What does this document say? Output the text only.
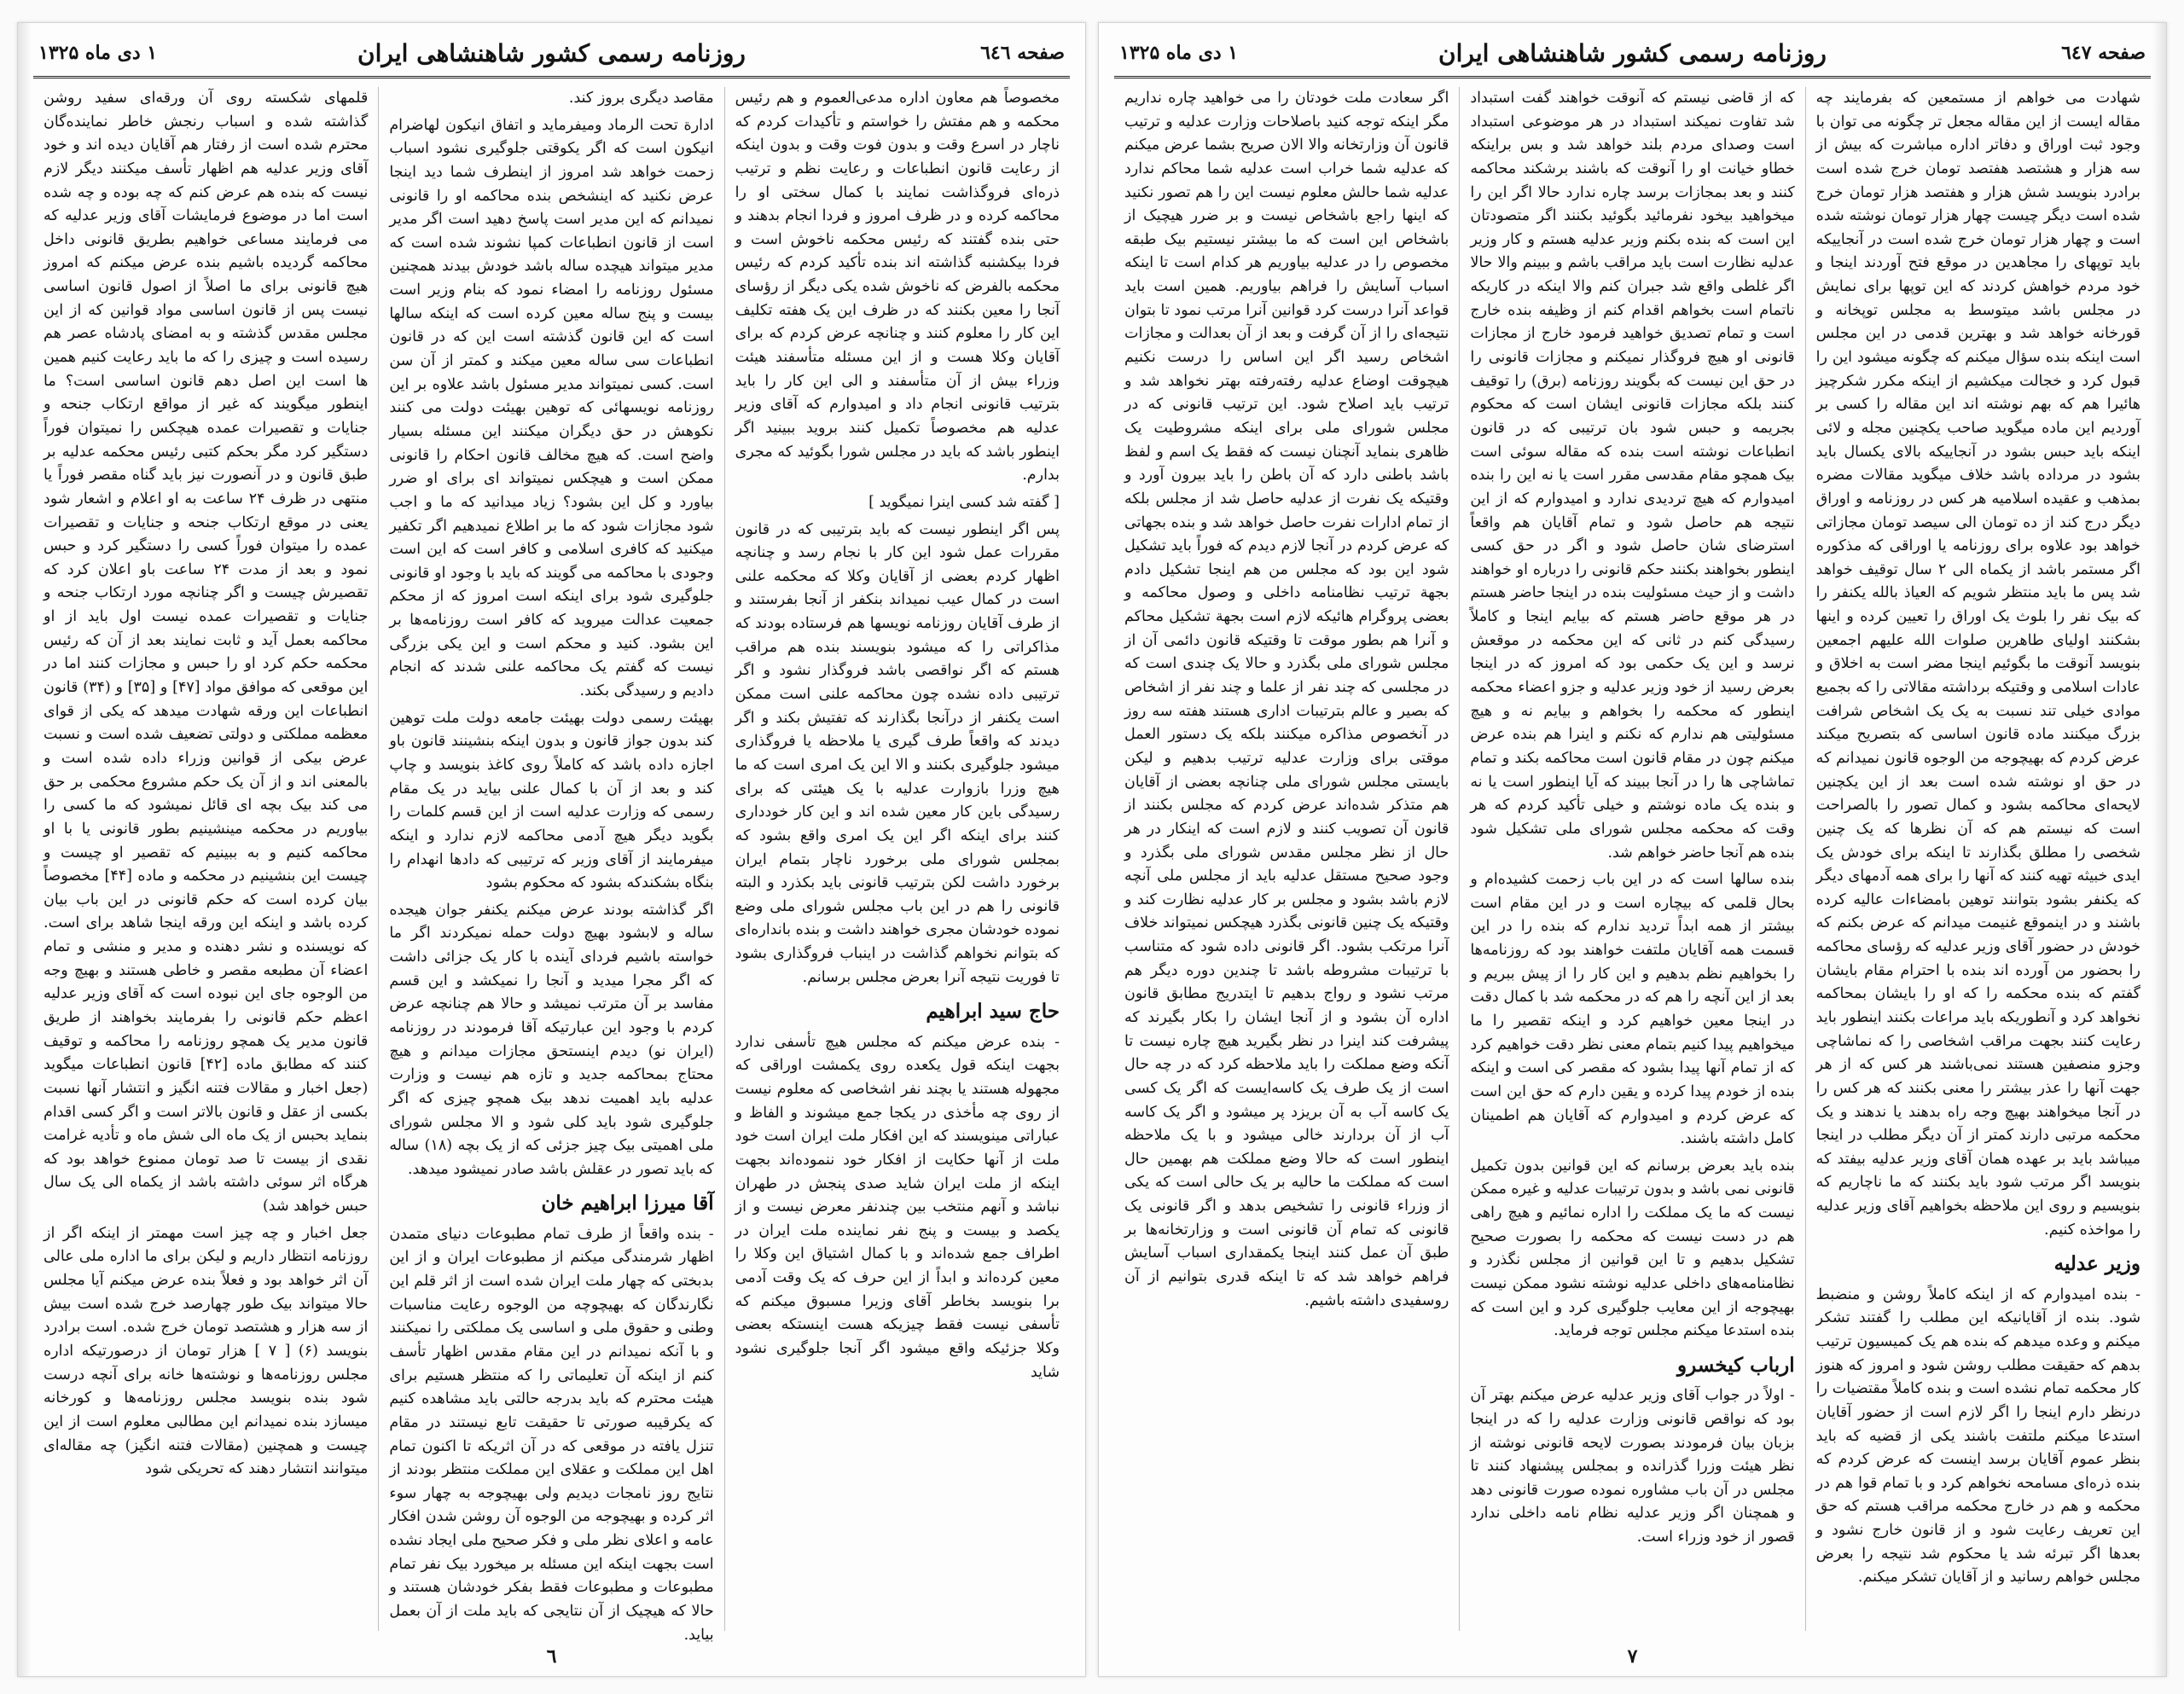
صفحه ٦٤٦
روزنامه رسمی کشور شاهنشاهی ایران
۱ دی ماه ۱۳۲۵

مخصوصاً هم معاون اداره مدعی‌العموم و هم رئیس محکمه و هم مفتش را خواستم و تأکیدات کردم که ناچار در اسرع وقت و بدون فوت وقت و بدون اینکه از رعایت قانون انطباعات و رعایت نظم و ترتیب ذره‌ای فروگذاشت نمایند با کمال سختی او را محاکمه کرده و در ظرف امروز و فردا انجام بدهند و حتی بنده گفتند که رئیس محکمه ناخوش است و فردا بیکشنبه گذاشته اند بنده تأکید کردم که رئیس محکمه بالفرض که ناخوش شده یکی دیگر از رؤسای آنجا را معین بکنند که در ظرف این یک هفته تکلیف این کار را معلوم کنند و چنانچه عرض کردم که برای آقایان وکلا هست و از این مسئله متأسفند هیئت وزراء بیش از آن متأسفند و الی این کار را باید بترتیب قانونی انجام داد و امیدوارم که آقای وزیر عدلیه هم مخصوصاً تکمیل کنند بروید ببینید اگر اینطور باشد که باید در مجلس شورا بگوئید که مجری بدارم.

[ گفته شد کسی اینرا نمیگوید ]

پس اگر اینطور نیست که باید بترتیبی که در قانون مقررات عمل شود این کار با نجام رسد و چنانچه اظهار کردم بعضی از آقایان وکلا که محکمه علنی است در کمال عیب نمیداند بنکفر از آنجا بفرستند و از طرف آقایان روزنامه نویسها هم فرستاده بودند که مذاکراتی را که میشود بنویسند بنده هم مراقب هستم که اگر نواقصی باشد فروگذار نشود و اگر ترتیبی داده نشده چون محاکمه علنی است ممکن است یکنفر از درآنجا بگذارند که تفتیش بکند و اگر دیدند که واقعاً طرف گیری یا ملاحظه یا فروگذاری میشود جلوگیری بکنند و الا این یک امری است که ما هیچ وزرا بازوارت عدلیه با یک هیئتی که برای رسیدگی باین کار معین شده اند و این کار خودداری کنند برای اینکه اگر این یک امری واقع بشود که بمجلس شورای ملی برخورد ناچار بتمام ایران برخورد داشت لکن بترتیب قانونی باید بکذرد و البته قانونی را هم در این باب مجلس شورای ملی وضع نموده خودشان مجری خواهند داشت و بنده بانداره‌ای که بتوانم نخواهم گذاشت در اینباب فروگذاری بشود تا فوریت نتیجه آنرا بعرض مجلس برسانم.

حاج سید ابراهیم

- بنده عرض میکنم که مجلس هیچ تأسفی ندارد بجهت اینکه قول یکعده روی یکمشت اوراقی که مجهوله هستند یا بچند نفر اشخاصی که معلوم نیست از روی چه مأخذی در یکجا جمع میشوند و الفاظ و عباراتی مینویسند که این افکار ملت ایران است خود ملت از آنها حکایت از افکار خود ننموده‌اند بجهت اینکه از ملت ایران شاید صدی پنجش در طهران نباشد و آنهم منتخب بین چندنفر معرض نیست و از یکصد و بیست و پنج نفر نماینده ملت ایران در اطراف جمع شده‌اند و با کمال اشتیاق این وکلا را معین کرده‌اند و ابداً از این حرف که یک وقت آدمی برا بنویسد بخاطر آقای وزیرا مسبوق میکنم که تأسفی نیست فقط چیزیکه هست اینستکه بعضی وکلا جزئیکه واقع میشود اگر آنجا جلوگیری نشود شاید

مقاصد دیگری بروز کند.

ادارة تحت الرماد ومیفرماید و اتفاق انیکون لهاضرام انیکون است که اگر یکوقتی جلوگیری نشود اسباب زحمت خواهد شد امروز از اینطرف شما دید اینجا عرض نکنید که اینشخص بنده محاکمه او را قانونی نمیدانم که این مدیر است پاسخ دهید است اگر مدیر است از قانون انطباعات کمپا نشوند شده است که مدیر میتواند هیچده ساله باشد خودش بیدند همچنین مسئول روزنامه را امضاء نمود که بنام وزیر است بیست و پنج ساله معین کرده است که اینکه سالها است که این قانون گذشته است این که در قانون انطباعات سی ساله معین میکند و کمتر از آن سن است. کسی نمیتواند مدیر مسئول باشد علاوه بر این روزنامه نویسهائی که توهین بهیئت دولت می کنند نکوهش در حق دیگران میکنند این مسئله بسیار واضح است. که هیچ مخالف قانون احکام را قانونی ممکن است و هیچکس نمیتواند ای برای او ضرر بیاورد و کل این بشود؟ زیاد میدانید که ما و اجب شود مجازات شود که ما بر اطلاع نمیدهیم اگر تکفیر میکنید که کافری اسلامی و کافر است که این است وجودی با محاکمه می گویند که باید با وجود او قانونی جلوگیری شود برای اینکه است امروز که از محکم جمعیت عدالت میروید که کافر است روزنامه‌ها بر این بشود. کنید و محکم است و این یکی بزرگی نیست که گفتم یک محاکمه علنی شدند که انجام دادیم و رسیدگی بکند.

بهیئت رسمی دولت بهیئت جامعه دولت ملت توهین کند بدون جواز قانون و بدون اینکه بنشینند قانون باو اجازه داده باشد که کاملاً روی کاغذ بنویسد و چاپ کند و بعد از آن با کمال علنی بیاید در یک مقام رسمی که وزارت عدلیه است از این قسم کلمات را بگوید دیگر هیچ آدمی محاکمه لازم ندارد و اینکه میفرمایند از آقای وزیر که ترتیبی که دادها انهدام را بنگاه بشکندکه بشود که محکوم بشود

اگر گذاشته بودند عرض میکنم یکنفر جوان هیجده ساله و لابشود بهیچ دولت حمله نمیکردند اگر ما خواسته باشیم فردای آینده با کار یک جزائی داشت که اگر مجرا میدید و آنجا را نمیکشد و این قسم مفاسد بر آن مترتب نمیشد و حالا هم چنانچه عرض کردم با وجود این عبارتیکه آقا فرمودند در روزنامه (ایران نو) دیدم اینستحق مجازات میدانم و هیچ محتاج بمحاکمه جدید و تازه هم نیست و وزارت عدلیه باید اهمیت ندهد بیک همچو چیزی که اگر جلوگیری شود باید کلی شود و الا مجلس شورای ملی اهمیتی بیک چیز جزئی که از یک بچه (۱۸) ساله که باید تصور در عقلش باشد صادر نمیشود میدهد.

آقا میرزا ابراهیم خان

- بنده واقعاً از طرف تمام مطبوعات دنیای متمدن اظهار شرمندگی میکنم از مطبوعات ایران و از این بدبختی که چهار ملت ایران شده است از اثر قلم این نگارندگان که بهیچوچه من الوجوه رعایت مناسبات وطنی و حقوق ملی و اساسی یک مملکتی را نمیکنند و با آنکه نمیدانم در این مقام مقدس اظهار تأسف کنم از اینکه آن تعلیماتی را که منتظر هستیم برای هیئت محترم که باید بدرجه حالتی باید مشاهده کنیم که یکرقیبه صورتی تا حقیقت تابع نیستند در مقام تنزل یافته در موقعی که در آن اثریکه تا اکنون تمام اهل این مملکت و عقلای این مملکت منتظر بودند از نتایج روز نامجات دیدیم ولی بهیچوجه به چهار سوء اثر کرده و بهیچوجه من الوجوه آن روشن شدن افکار عامه و اعلای نظر ملی و فکر صحیح ملی ایجاد نشده است بجهت اینکه این مسئله بر میخورد بیک نفر تمام مطبوعات و مطبوعات فقط بفکر خودشان هستند و حالا که هیچیک از آن نتایجی که باید ملت از آن بعمل بیاید.

قلمهای شکسته روی آن ورقه‌ای سفید روشن گذاشته شده و اسباب رنجش خاطر نماینده‌گان محترم شده است از رفتار هم آقایان دیده اند و خود آقای وزیر عدلیه هم اظهار تأسف میکنند دیگر لازم نیست که بنده هم عرض کنم که چه بوده و چه شده است اما در موضوع فرمایشات آقای وزیر عدلیه که می فرمایند مساعی خواهیم بطریق قانونی داخل محاکمه گردیده باشیم بنده عرض میکنم که امروز هیچ قانونی برای ما اصلاً از اصول قانون اساسی نیست پس از قانون اساسی مواد قوانین که از این مجلس مقدس گذشته و به امضای پادشاه عصر هم رسیده است و چیزی را که ما باید رعایت کنیم همین ها است این اصل دهم قانون اساسی است؟ ما اینطور میگویند که غیر از مواقع ارتکاب جنحه و جنایات و تقصیرات عمده هیچکس را نمیتوان فوراً دستگیر کرد مگر بحکم کتبی رئیس محکمه عدلیه بر طبق قانون و در آنصورت نیز باید گناه مقصر فوراً یا منتهی در ظرف ۲۴ ساعت به او اعلام و اشعار شود یعنی در موقع ارتکاب جنحه و جنایات و تقصیرات عمده را میتوان فوراً کسی را دستگیر کرد و حبس نمود و بعد از مدت ۲۴ ساعت باو اعلان کرد که تقصیرش چیست و اگر چنانچه مورد ارتکاب جنحه و جنایات و تقصیرات عمده نیست اول باید از او محاکمه بعمل آید و ثابت نمایند بعد از آن که رئیس محکمه حکم کرد او را حبس و مجازات کنند اما در این موقعی که موافق مواد [۴۷] و [۳۵] و (۳۴) قانون انطباعات این ورقه شهادت میدهد که یکی از قوای معظمه مملکتی و دولتی تضعیف شده است و نسبت عرض بیکی از قوانین وزراء داده شده است و بالمعنی اند و از آن یک حکم مشروع محکمی بر حق می کند بیک بچه ای قائل نمیشود که ما کسی را بیاوریم در محکمه مینشینیم بطور قانونی یا با او محاکمه کنیم و به ببینیم که تقصیر او چیست و چیست این بنشینیم در محکمه و ماده [۴۴] مخصوصاً بیان کرده است که حکم قانونی در این باب بیان کرده باشد و اینکه این ورقه اینجا شاهد برای است. که نویسنده و نشر دهنده و مدیر و منشی و تمام اعضاء آن مطبعه مقصر و خاطی هستند و بهیچ وجه من الوجوه جای این نبوده است که آقای وزیر عدلیه اعظم حکم قانونی را بفرمایند بخواهند از طریق قانون مدیر یک همچو روزنامه را محاکمه و توقیف کنند که مطابق ماده [۴۲] قانون انطباعات میگوید (جعل اخبار و مقالات فتنه انگیز و انتشار آنها نسبت بکسی از عقل و قانون بالاتر است و اگر کسی اقدام بنماید بحبس از یک ماه الی شش ماه و تأدیه غرامت نقدی از بیست تا صد تومان ممنوع خواهد بود که هرگاه اثر سوئی داشته باشد از یکماه الی یک سال حبس خواهد شد)

جعل اخبار و چه چیز است مهمتر از اینکه اگر از روزنامه انتظار داریم و لیکن برای ما اداره ملی عالی آن اثر خواهد بود و فعلاً بنده عرض میکنم آیا مجلس حالا میتواند بیک طور چهارصد خرج شده است بیش از سه هزار و هشتصد تومان خرج شده. است برادرد بنویسد (۶) [ ۷ ] هزار تومان از درصورتیکه اداره مجلس روزنامه‌ها و نوشته‌ها خانه برای آنچه درست شود بنده بنویسد مجلس روزنامه‌ها و کورخانه میسازد بنده نمیدانم این مطالبی معلوم است از این چیست و همچنین (مقالات فتنه انگیز) چه مقاله‌ای میتوانند انتشار دهند که تحریکی شود

٦
صفحه ٦٤٧
روزنامه رسمی کشور شاهنشاهی ایران
۱ دی ماه ۱۳۲۵

شهادت می خواهم از مستمعین که بفرمایند چه مقاله ایست از این مقاله مجعل تر چگونه می توان با وجود ثبت اوراق و دفاتر اداره مباشرت که بیش از سه هزار و هشتصد هفتصد تومان خرج شده است برادرد بنویسد شش هزار و هفتصد هزار تومان خرج شده است دیگر چیست چهار هزار تومان نوشته شده است و چهار هزار تومان خرج شده است در آنجاییکه باید توپهای را مجاهدین در موقع فتح آوردند اینجا و خود مردم خواهش کردند که این توپها برای نمایش در مجلس باشد میتوسط به مجلس توپخانه و قورخانه خواهد شد و بهترین قدمی در این مجلس است اینکه بنده سؤال میکنم که چگونه میشود این را قبول کرد و خجالت میکشیم از اینکه مکرر شکرچیز هائیرا هم که بهم نوشته اند این مقاله را کسی بر آوردیم این ماده میگوید صاحب یکچنین مجله و لائی اینکه باید حبس بشود در آنجاییکه بالای یکسال باید بشود در مرداده باشد خلاف میگوید مقالات مضره بمذهب و عقیده اسلامیه هر کس در روزنامه و اوراق دیگر درج کند از ده تومان الی سیصد تومان مجازاتی خواهد بود علاوه برای روزنامه یا اوراقی که مذکوره اگر مستمر باشد از یکماه الی ۲ سال توقیف خواهد شد پس ما باید منتظر شویم که العیاذ بالله یکنفر را که بیک نفر را بلوث یک اوراق را تعیین کرده و اینها بشکنند اولیای طاهرین صلوات الله علیهم اجمعین بنویسد آنوقت ما بگوئیم اینجا مضر است به اخلاق و عادات اسلامی و وقتیکه برداشته مقالاتی را که بجمیع موادی خیلی تند نسبت به یک یک اشخاص شرافت بزرگ میکنند ماده قانون اساسی که بتصریح میکند عرض کردم که بهیچوجه من الوجوه قانون نمیدانم که در حق او نوشته شده است بعد از این یکچنین لایحه‌ای محاکمه بشود و کمال تصور را بالصراحت است که نیستم هم که آن نظرها که یک چنین شخصی را مطلق بگذارند تا اینکه برای خودش یک ایدی خبیثه تهیه کنند که آنها را برای همه آدمهای دیگر که یکنفر بشود بتوانند توهین بامضاءات عالیه کرده باشند و در اینموقع غنیمت میدانم که عرض بکنم که خودش در حضور آقای وزیر عدلیه که رؤسای محاکمه را بحضور من آورده اند بنده با احترام مقام بایشان گفتم که بنده محکمه را که او را بایشان بمحاکمه نخواهد کرد و آنطوریکه باید مراعات بکنند اینطور باید رعایت کنند بجهت مراقب اشخاصی را که نماشاچی وجزو منصفین هستند نمی‌باشند هر کس که از هر جهت آنها را عذر بیشتر را معنی بکنند که هر کس را در آنجا میخواهند بهیچ وجه راه بدهند یا ندهند و یک محکمه مرتبی دارند کمتر از آن دیگر مطلب در اینجا میباشد باید بر عهده همان آقای وزیر عدلیه بیفتد که بنویسد اگر مرتب شود باید بکنند که ما ناچاریم که بنویسیم و روی این ملاحظه بخواهیم آقای وزیر عدلیه را مواخذه کنیم.

وزیر عدلیه

- بنده امیدوارم که از اینکه کاملاً روشن و منضبط شود. بنده از آقایانیکه این مطلب را گفتند تشکر میکنم و وعده میدهم که بنده هم یک کمیسیون ترتیب بدهم که حقیقت مطلب روشن شود و امروز که هنوز کار محکمه تمام نشده است و بنده کاملاً مقتضیات را درنظر دارم اینجا را اگر لازم است از حضور آقایان استدعا میکنم ملتفت باشند یکی از قضیه که باید بنظر عموم آقایان برسد اینست که عرض کردم که بنده ذره‌ای مسامحه نخواهم کرد و با تمام قوا هم در محکمه و هم در خارج محکمه مراقب هستم که حق این تعریف رعایت شود و از قانون خارج نشود و بعدها اگر تبرئه شد یا محکوم شد نتیجه را بعرض مجلس خواهم رسانید و از آقایان تشکر میکنم.

که از قاضی نیستم که آنوقت خواهند گفت استبداد شد تفاوت نمیکند استبداد در هر موضوعی استبداد است وصدای مردم بلند خواهد شد و بس براینکه خطاو خیانت او را آنوقت که باشند برشکند محاکمه کنند و بعد بمجازات برسد چاره ندارد حالا اگر این را میخواهید بیخود نفرمائید بگوئید بکنند اگر متصودتان این است که بنده بکنم وزیر عدلیه هستم و کار وزیر عدلیه نظارت است باید مراقب باشم و ببینم والا حالا اگر غلطی واقع شد جبران کنم والا اینکه در کاریکه ناتمام است بخواهم اقدام کنم از وظیفه بنده خارج است و تمام تصدیق خواهید فرمود خارج از مجازات قانونی او هیچ فروگذار نمیکنم و مجازات قانونی را در حق این نیست که بگویند روزنامه (برق) را توقیف کنند بلکه مجازات قانونی ایشان است که محکوم بجریمه و حبس شود بان ترتیبی که در قانون انطباعات نوشته است بنده که مقاله سوئی است بیک همچو مقام مقدسی مقرر است یا نه این را بنده امیدوارم که هیچ تردیدی ندارد و امیدوارم که از این نتیجه هم حاصل شود و تمام آقایان هم واقعاً استرضای شان حاصل شود و اگر در حق کسی اینطور بخواهند بکنند حکم قانونی را درباره او خواهند داشت و از حیث مسئولیت بنده در اینجا حاضر هستم در هر موقع حاضر هستم که بیایم اینجا و کاملاً رسیدگی کنم در ثانی که این محکمه در موقعش نرسد و این یک حکمی بود که امروز که در اینجا بعرض رسید از خود وزیر عدلیه و جزو اعضاء محکمه اینطور که محکمه را بخواهم و بیایم نه و هیچ مسئولیتی هم ندارم که نکنم و اینرا هم بنده عرض میکنم چون در مقام قانون است محاکمه بکند و تمام تماشاچی ها را در آنجا ببیند که آیا اینطور است یا نه و بنده یک ماده نوشتم و خیلی تأکید کردم که هر وقت که محکمه مجلس شورای ملی تشکیل شود بنده هم آنجا حاضر خواهم شد.

بنده سالها است که در این باب زحمت کشیده‌ام و بحال قلمی که بیچاره است و در این مقام است بیشتر از همه ابداً تردید ندارم که بنده را در این قسمت همه آقایان ملتفت خواهند بود که روزنامه‌ها را بخواهیم نظم بدهیم و این کار را از پیش ببریم و بعد از این آنچه را هم که در محکمه شد با کمال دقت در اینجا معین خواهیم کرد و اینکه تقصیر را ما میخواهیم پیدا کنیم بتمام معنی نظر دقت خواهیم کرد که از تمام آنها پیدا بشود که مقصر کی است و اینکه بنده از خودم پیدا کرده و یقین دارم که حق این است که عرض کردم و امیدوارم که آقایان هم اطمینان کامل داشته باشند.

بنده باید بعرض برسانم که این قوانین بدون تکمیل قانونی نمی باشد و بدون ترتیبات عدلیه و غیره ممکن نیست که ما یک مملکت را اداره نمائیم و هیچ راهی هم در دست نیست که محکمه را بصورت صحیح تشکیل بدهیم و تا این قوانین از مجلس نگذرد و نظامنامه‌های داخلی عدلیه نوشته نشود ممکن نیست بهیچوجه از این معایب جلوگیری کرد و این است که بنده استدعا میکنم مجلس توجه فرماید.

ارباب کیخسرو

- اولاً در جواب آقای وزیر عدلیه عرض میکنم بهتر آن بود که نواقص قانونی وزارت عدلیه را که در اینجا بزبان بیان فرمودند بصورت لایحه قانونی نوشته از نظر هیئت وزرا گذرانده و بمجلس پیشنهاد کنند تا مجلس در آن باب مشاوره نموده صورت قانونی دهد و همچنان اگر وزیر عدلیه نظام نامه داخلی ندارد قصور از خود وزراء است.

اگر سعادت ملت خودتان را می خواهید چاره نداریم مگر اینکه توجه کنید باصلاحات وزارت عدلیه و ترتیب قانون آن وزارتخانه والا الان صریح بشما عرض میکنم که عدلیه شما خراب است عدلیه شما محاکم ندارد عدلیه شما حالش معلوم نیست این را هم تصور نکنید که اینها راجع باشخاص نیست و بر ضرر هیچیک از باشخاص این است که ما بیشتر نیستیم بیک طبقه مخصوص را در عدلیه بیاوریم هر کدام است تا اینکه اسباب آسایش را فراهم بیاوریم. همین است باید قواعد آنرا درست کرد قوانین آنرا مرتب نمود تا بتوان نتیجه‌ای را از آن گرفت و بعد از آن بعدالت و مجازات اشخاص رسید اگر این اساس را درست نکنیم هیچوقت اوضاع عدلیه رفته‌رفته بهتر نخواهد شد و ترتیب باید اصلاح شود. این ترتیب قانونی که در مجلس شورای ملی برای اینکه مشروطیت یک ظاهری بنماید آنچنان نیست که فقط یک اسم و لفظ باشد باطنی دارد که آن باطن را باید بیرون آورد و وقتیکه یک نفرت از عدلیه حاصل شد از مجلس بلکه از تمام ادارات نفرت حاصل خواهد شد و بنده بجهاتی که عرض کردم در آنجا لازم دیدم که فوراً باید تشکیل شود این بود که مجلس من هم اینجا تشکیل دادم بجهة ترتیب نظامنامه داخلی و وصول محاکمه و بعضی پروگرام هائیکه لازم است بجهة تشکیل محاکم و آنرا هم بطور موقت تا وقتیکه قانون دائمی آن از مجلس شورای ملی بگذرد و حالا یک چندی است که در مجلسی که چند نفر از علما و چند نفر از اشخاص که بصیر و عالم بترتیبات اداری هستند هفته سه روز در آنخصوص مذاکره میکنند بلکه یک دستور العمل موقتی برای وزارت عدلیه ترتیب بدهیم و لیکن بایستی مجلس شورای ملی چنانچه بعضی از آقایان هم متذکر شده‌اند عرض کردم که مجلس بکنند از قانون آن تصویب کنند و لازم است که اینکار در هر حال از نظر مجلس مقدس شورای ملی بگذرد و وجود صحیح مستقل عدلیه باید از مجلس ملی آنچه لازم باشد بشود و مجلس بر کار عدلیه نظارت کند و وقتیکه یک چنین قانونی بگذرد هیچکس نمیتواند خلاف آنرا مرتکب بشود. اگر قانونی داده شود که متناسب با ترتیبات مشروطه باشد تا چندین دوره دیگر هم مرتب نشود و رواج بدهیم تا ایتدریج مطابق قانون اداره آن بشود و از آنجا ایشان را بکار بگیرند که پیشرفت کند اینرا در نظر بگیرید هیچ چاره نیست تا آنکه وضع مملکت را باید ملاحظه کرد که در چه حال است از یک طرف یک کاسه‌ایست که اگر یک کسی یک کاسه آب به آن بریزد پر میشود و اگر یک کاسه آب از آن بردارند خالی میشود و با یک ملاحظه اینطور است که حالا وضع مملکت هم بهمین حال است که مملکت ما حالیه بر یک حالی است که یکی از وزراء قانونی را تشخیص بدهد و اگر قانونی یک قانونی که تمام آن قانونی است و وزارتخانه‌ها بر طبق آن عمل کنند اینجا یکمقداری اسباب آسایش فراهم خواهد شد که تا اینکه قدری بتوانیم از آن روسفیدی داشته باشیم.

۷
